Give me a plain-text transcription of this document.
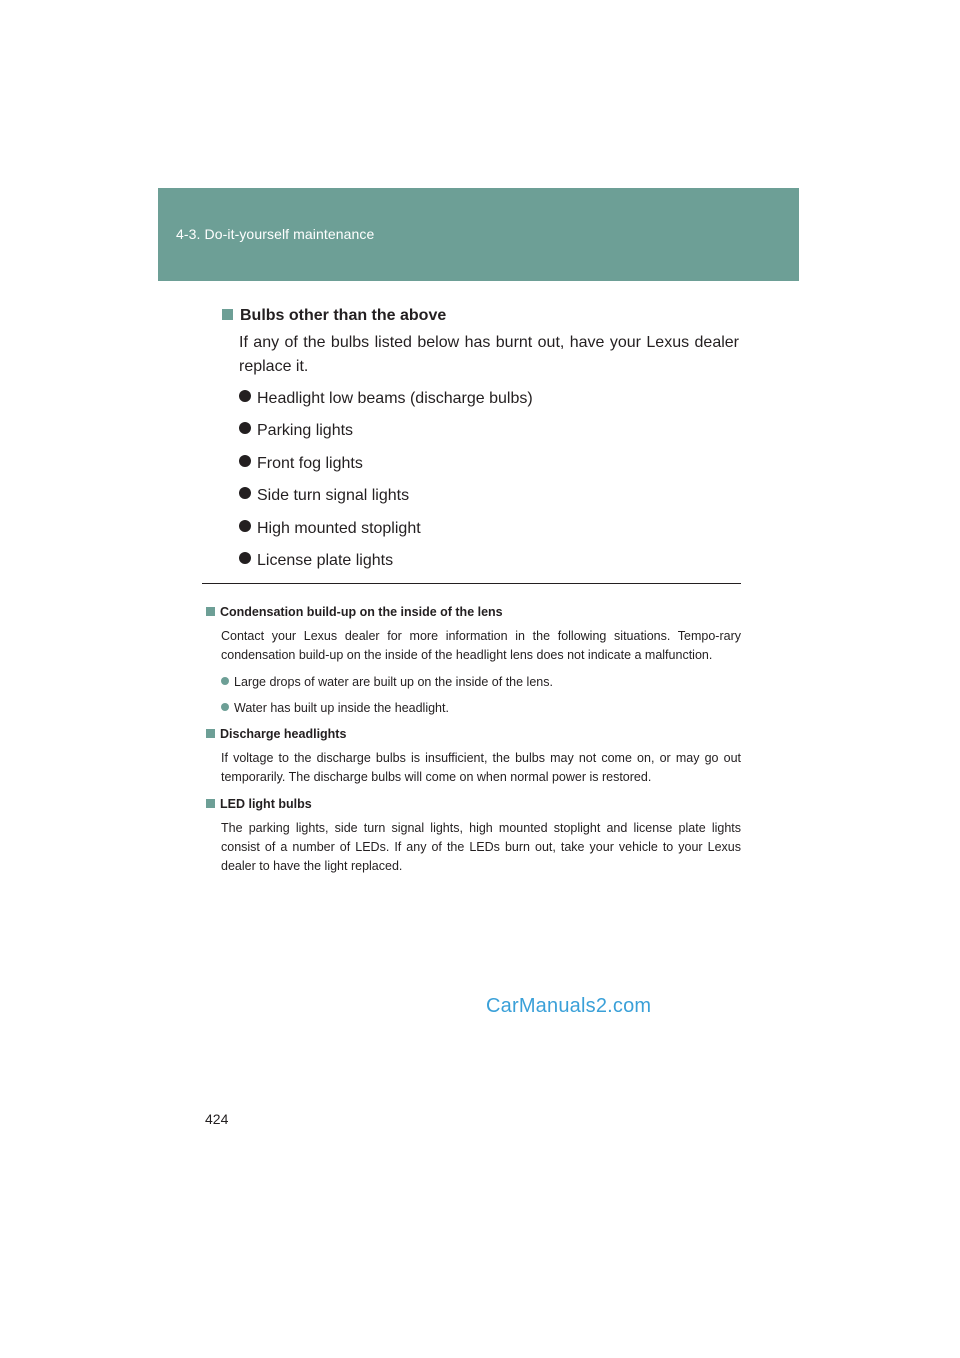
4-3. Do-it-yourself maintenance

Bulbs other than the above

If any of the bulbs listed below has burnt out, have your Lexus dealer replace it.

Headlight low beams (discharge bulbs)
Parking lights
Front fog lights
Side turn signal lights
High mounted stoplight
License plate lights

Condensation build-up on the inside of the lens

Contact your Lexus dealer for more information in the following situations. Tempo-rary condensation build-up on the inside of the headlight lens does not indicate a malfunction.

Large drops of water are built up on the inside of the lens.
Water has built up inside the headlight.

Discharge headlights

If voltage to the discharge bulbs is insufficient, the bulbs may not come on, or may go out temporarily. The discharge bulbs will come on when normal power is restored.

LED light bulbs

The parking lights, side turn signal lights, high mounted stoplight and license plate lights consist of a number of LEDs. If any of the LEDs burn out, take your vehicle to your Lexus dealer to have the light replaced.

CarManuals2.com
424
